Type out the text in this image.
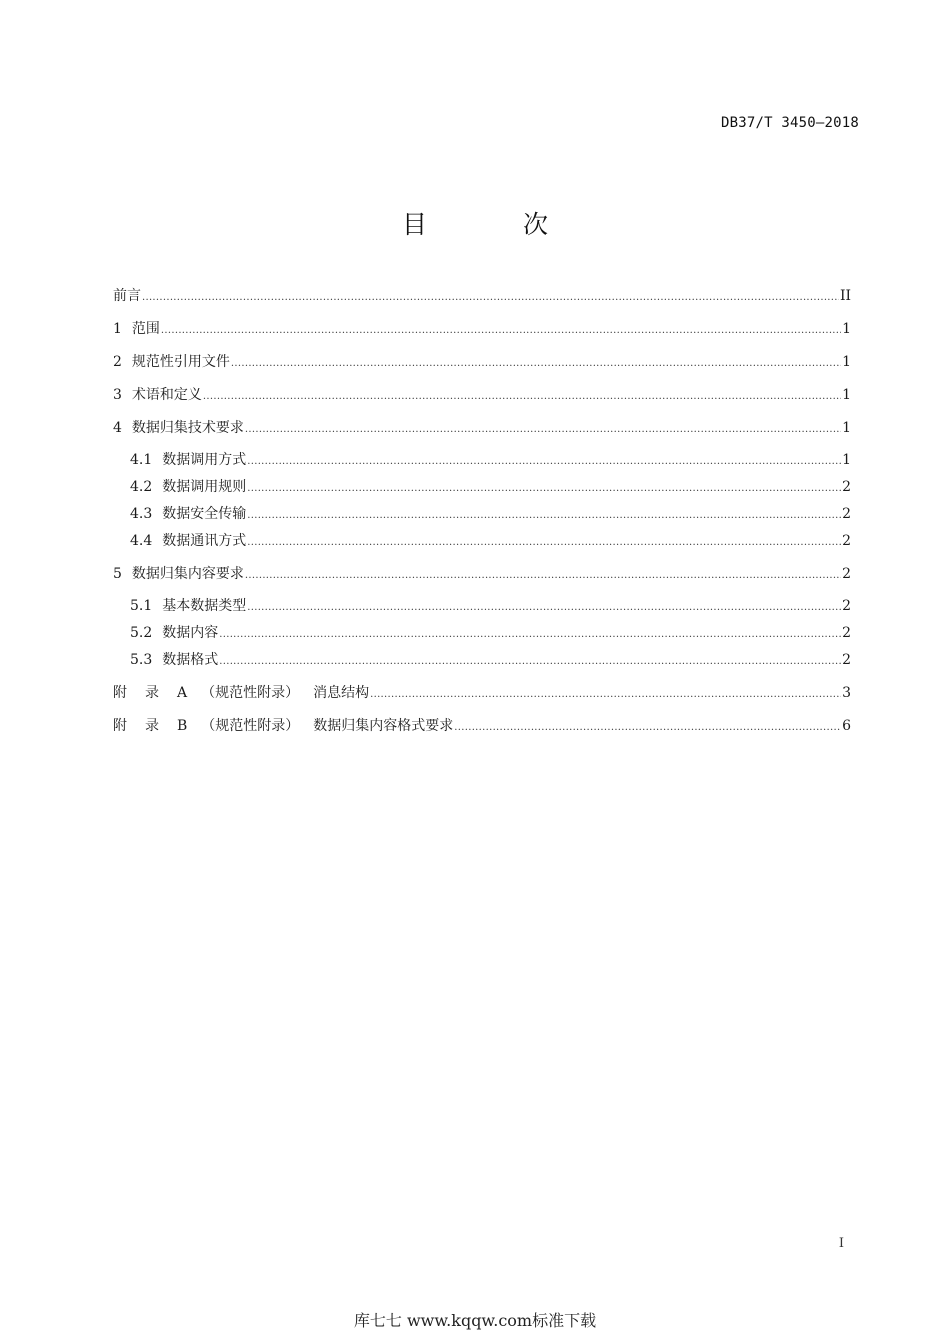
DB37/T 3450—2018
目 次
前言 .....	II
1 范围 .....	1
2 规范性引用文件 .....	1
3 术语和定义 .....	1
4 数据归集技术要求 .....	1
4.1 数据调用方式 .....	1
4.2 数据调用规则 .....	2
4.3 数据安全传输 .....	2
4.4 数据通讯方式 .....	2
5 数据归集内容要求 .....	2
5.1 基本数据类型 .....	2
5.2 数据内容 .....	2
5.3 数据格式 .....	2
附录A （规范性附录） 消息结构 .....	3
附录B （规范性附录） 数据归集内容格式要求 .....	6
I
库七七 www.kqqw.com标准下载
